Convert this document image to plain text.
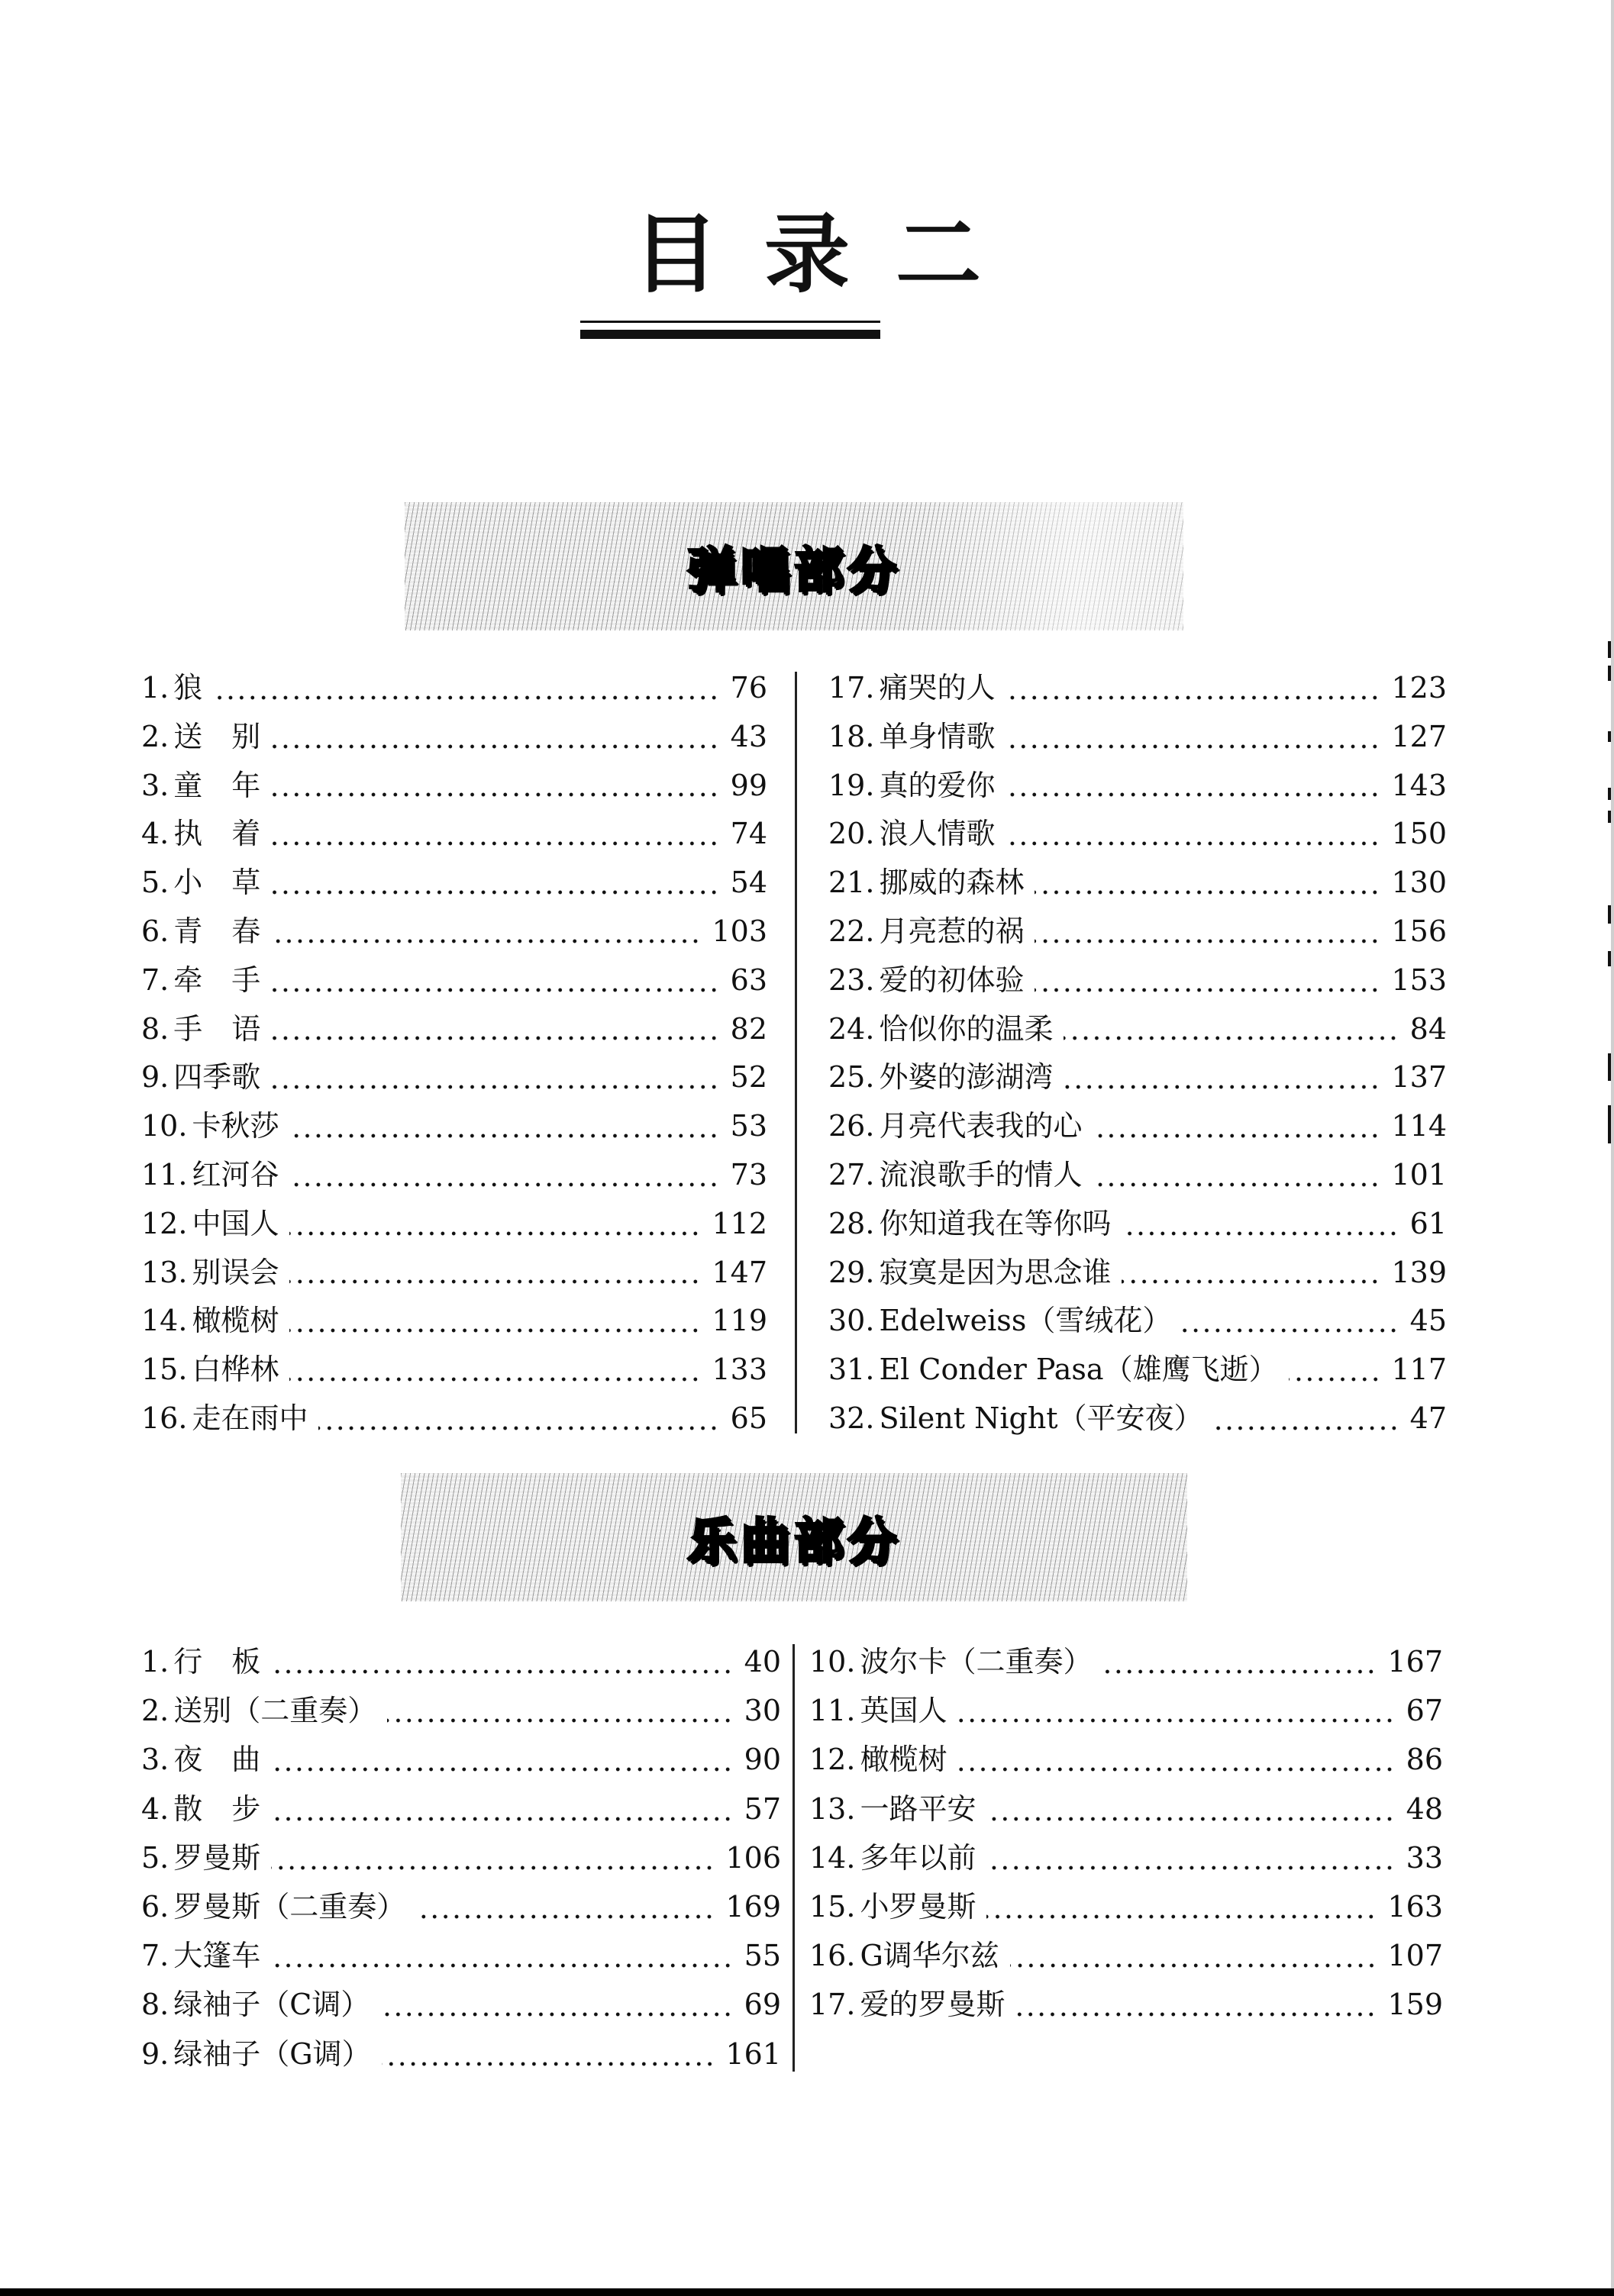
目录二
弹唱部分
1. 狼	76
2. 送　别	43
3. 童　年	99
4. 执　着	74
5. 小　草	54
6. 青　春	103
7. 牵　手	63
8. 手　语	82
9. 四季歌	52
10. 卡秋莎	53
11. 红河谷	73
12. 中国人	112
13. 别误会	147
14. 橄榄树	119
15. 白桦林	133
16. 走在雨中	65
17. 痛哭的人	123
18. 单身情歌	127
19. 真的爱你	143
20. 浪人情歌	150
21. 挪威的森林	130
22. 月亮惹的祸	156
23. 爱的初体验	153
24. 恰似你的温柔	84
25. 外婆的澎湖湾	137
26. 月亮代表我的心	114
27. 流浪歌手的情人	101
28. 你知道我在等你吗	61
29. 寂寞是因为思念谁	139
30. Edelweiss（雪绒花）	45
31. El Conder Pasa（雄鹰飞逝）	117
32. Silent Night（平安夜）	47
乐曲部分
1. 行　板	40
2. 送别（二重奏）	30
3. 夜　曲	90
4. 散　步	57
5. 罗曼斯	106
6. 罗曼斯（二重奏）	169
7. 大篷车	55
8. 绿袖子（C调）	69
9. 绿袖子（G调）	161
10. 波尔卡（二重奏）	167
11. 英国人	67
12. 橄榄树	86
13. 一路平安	48
14. 多年以前	33
15. 小罗曼斯	163
16. G调华尔兹	107
17. 爱的罗曼斯	159
